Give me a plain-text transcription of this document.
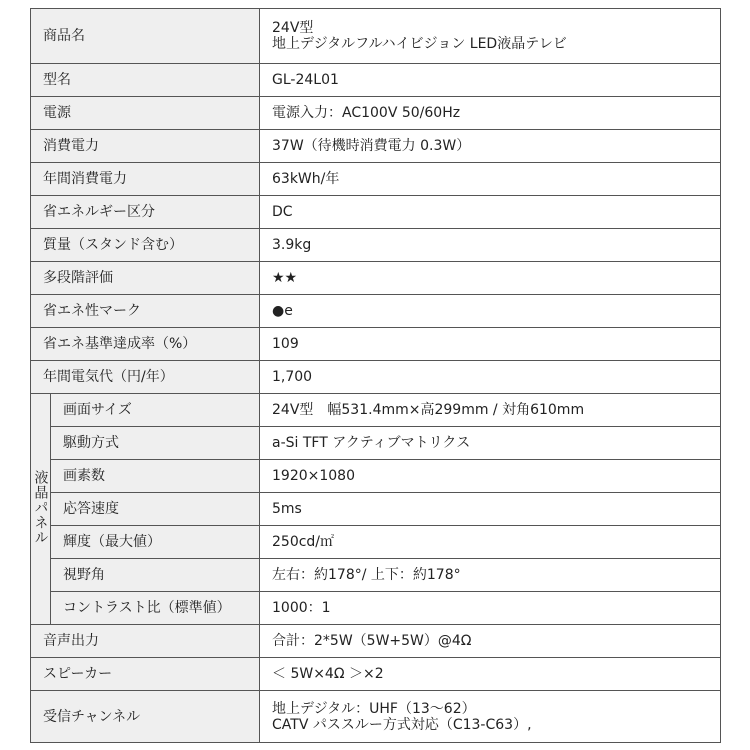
商品名		24V型
地上デジタルフルハイビジョン LED液晶テレビ

型名		GL-24L01
電源		電源入力：AC100V 50/60Hz
消費電力		37W（待機時消費電力 0.3W）
年間消費電力		63kWh/年
省エネルギー区分		DC
質量（スタンド含む）		3.9kg
多段階評価		★★
省エネ性マーク		●e
省エネ基準達成率（%）		109
年間電気代（円/年）		1,700
液晶パネル	画面サイズ	24V型　幅531.4mm×高299mm / 対角610mm
	駆動方式	a-Si TFT アクティブマトリクス
	画素数	1920×1080
	応答速度	5ms
	輝度（最大値）	250cd/㎡
	視野角	左右：約178°/ 上下：約178°
	コントラスト比（標準値）	1000：1
音声出力		合計：2*5W（5W+5W）@4Ω
スピーカー		＜ 5W×4Ω ＞×2
受信チャンネル		地上デジタル：UHF（13〜62）
CATV パススルー方式対応（C13-C63）,
